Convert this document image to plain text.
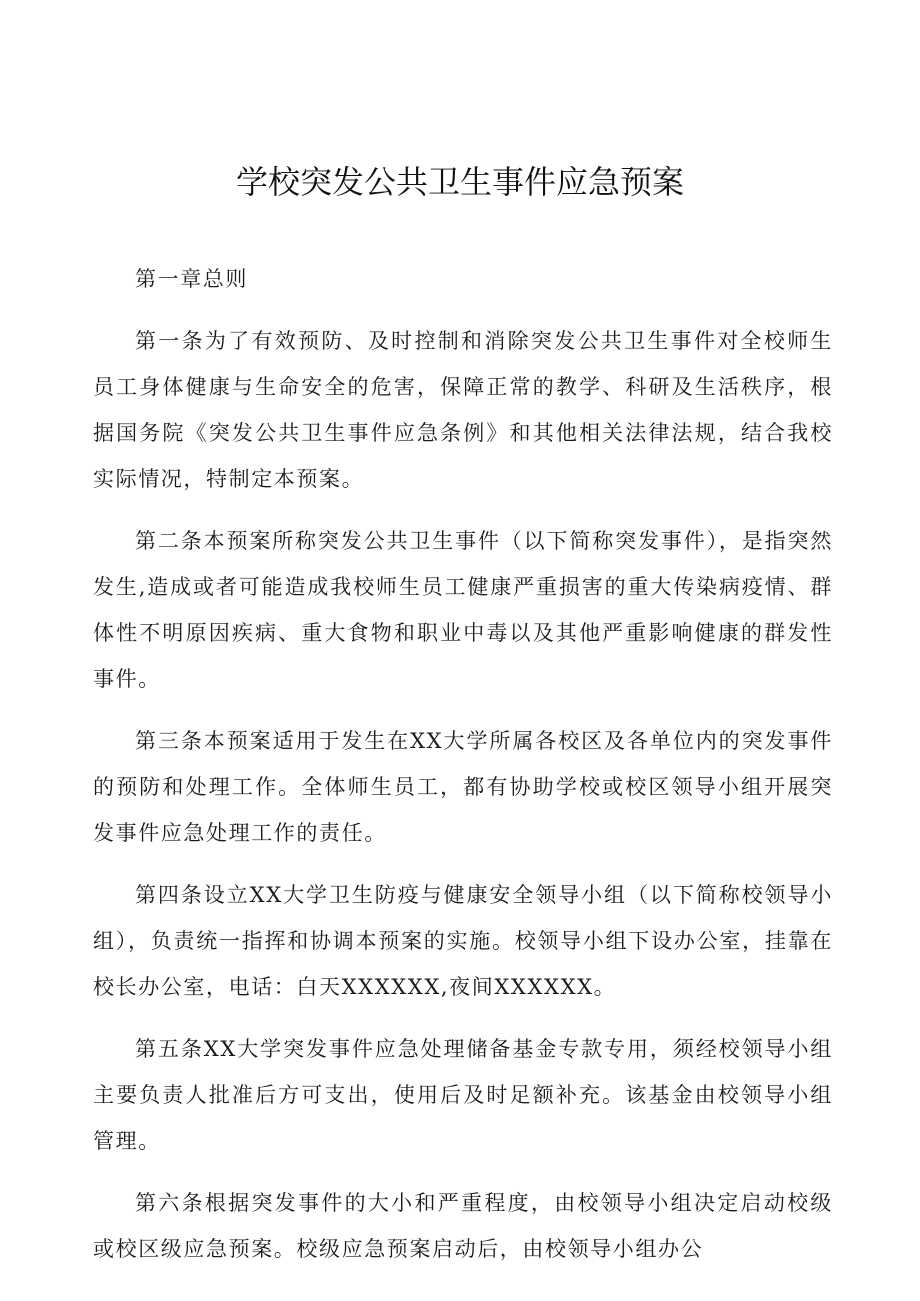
学校突发公共卫生事件应急预案

第一章总则

第一条为了有效预防、及时控制和消除突发公共卫生事件对全校师生员工身体健康与生命安全的危害，保障正常的教学、科研及生活秩序，根据国务院《突发公共卫生事件应急条例》和其他相关法律法规，结合我校实际情况，特制定本预案。

第二条本预案所称突发公共卫生事件（以下简称突发事件），是指突然发生,造成或者可能造成我校师生员工健康严重损害的重大传染病疫情、群体性不明原因疾病、重大食物和职业中毒以及其他严重影响健康的群发性事件。

第三条本预案适用于发生在XX大学所属各校区及各单位内的突发事件的预防和处理工作。全体师生员工，都有协助学校或校区领导小组开展突发事件应急处理工作的责任。

第四条设立XX大学卫生防疫与健康安全领导小组（以下简称校领导小组），负责统一指挥和协调本预案的实施。校领导小组下设办公室，挂靠在校长办公室，电话：白天XXXXXX,夜间XXXXXX。

第五条XX大学突发事件应急处理储备基金专款专用，须经校领导小组主要负责人批准后方可支出，使用后及时足额补充。该基金由校领导小组管理。

第六条根据突发事件的大小和严重程度，由校领导小组决定启动校级或校区级应急预案。校级应急预案启动后，由校领导小组办公
